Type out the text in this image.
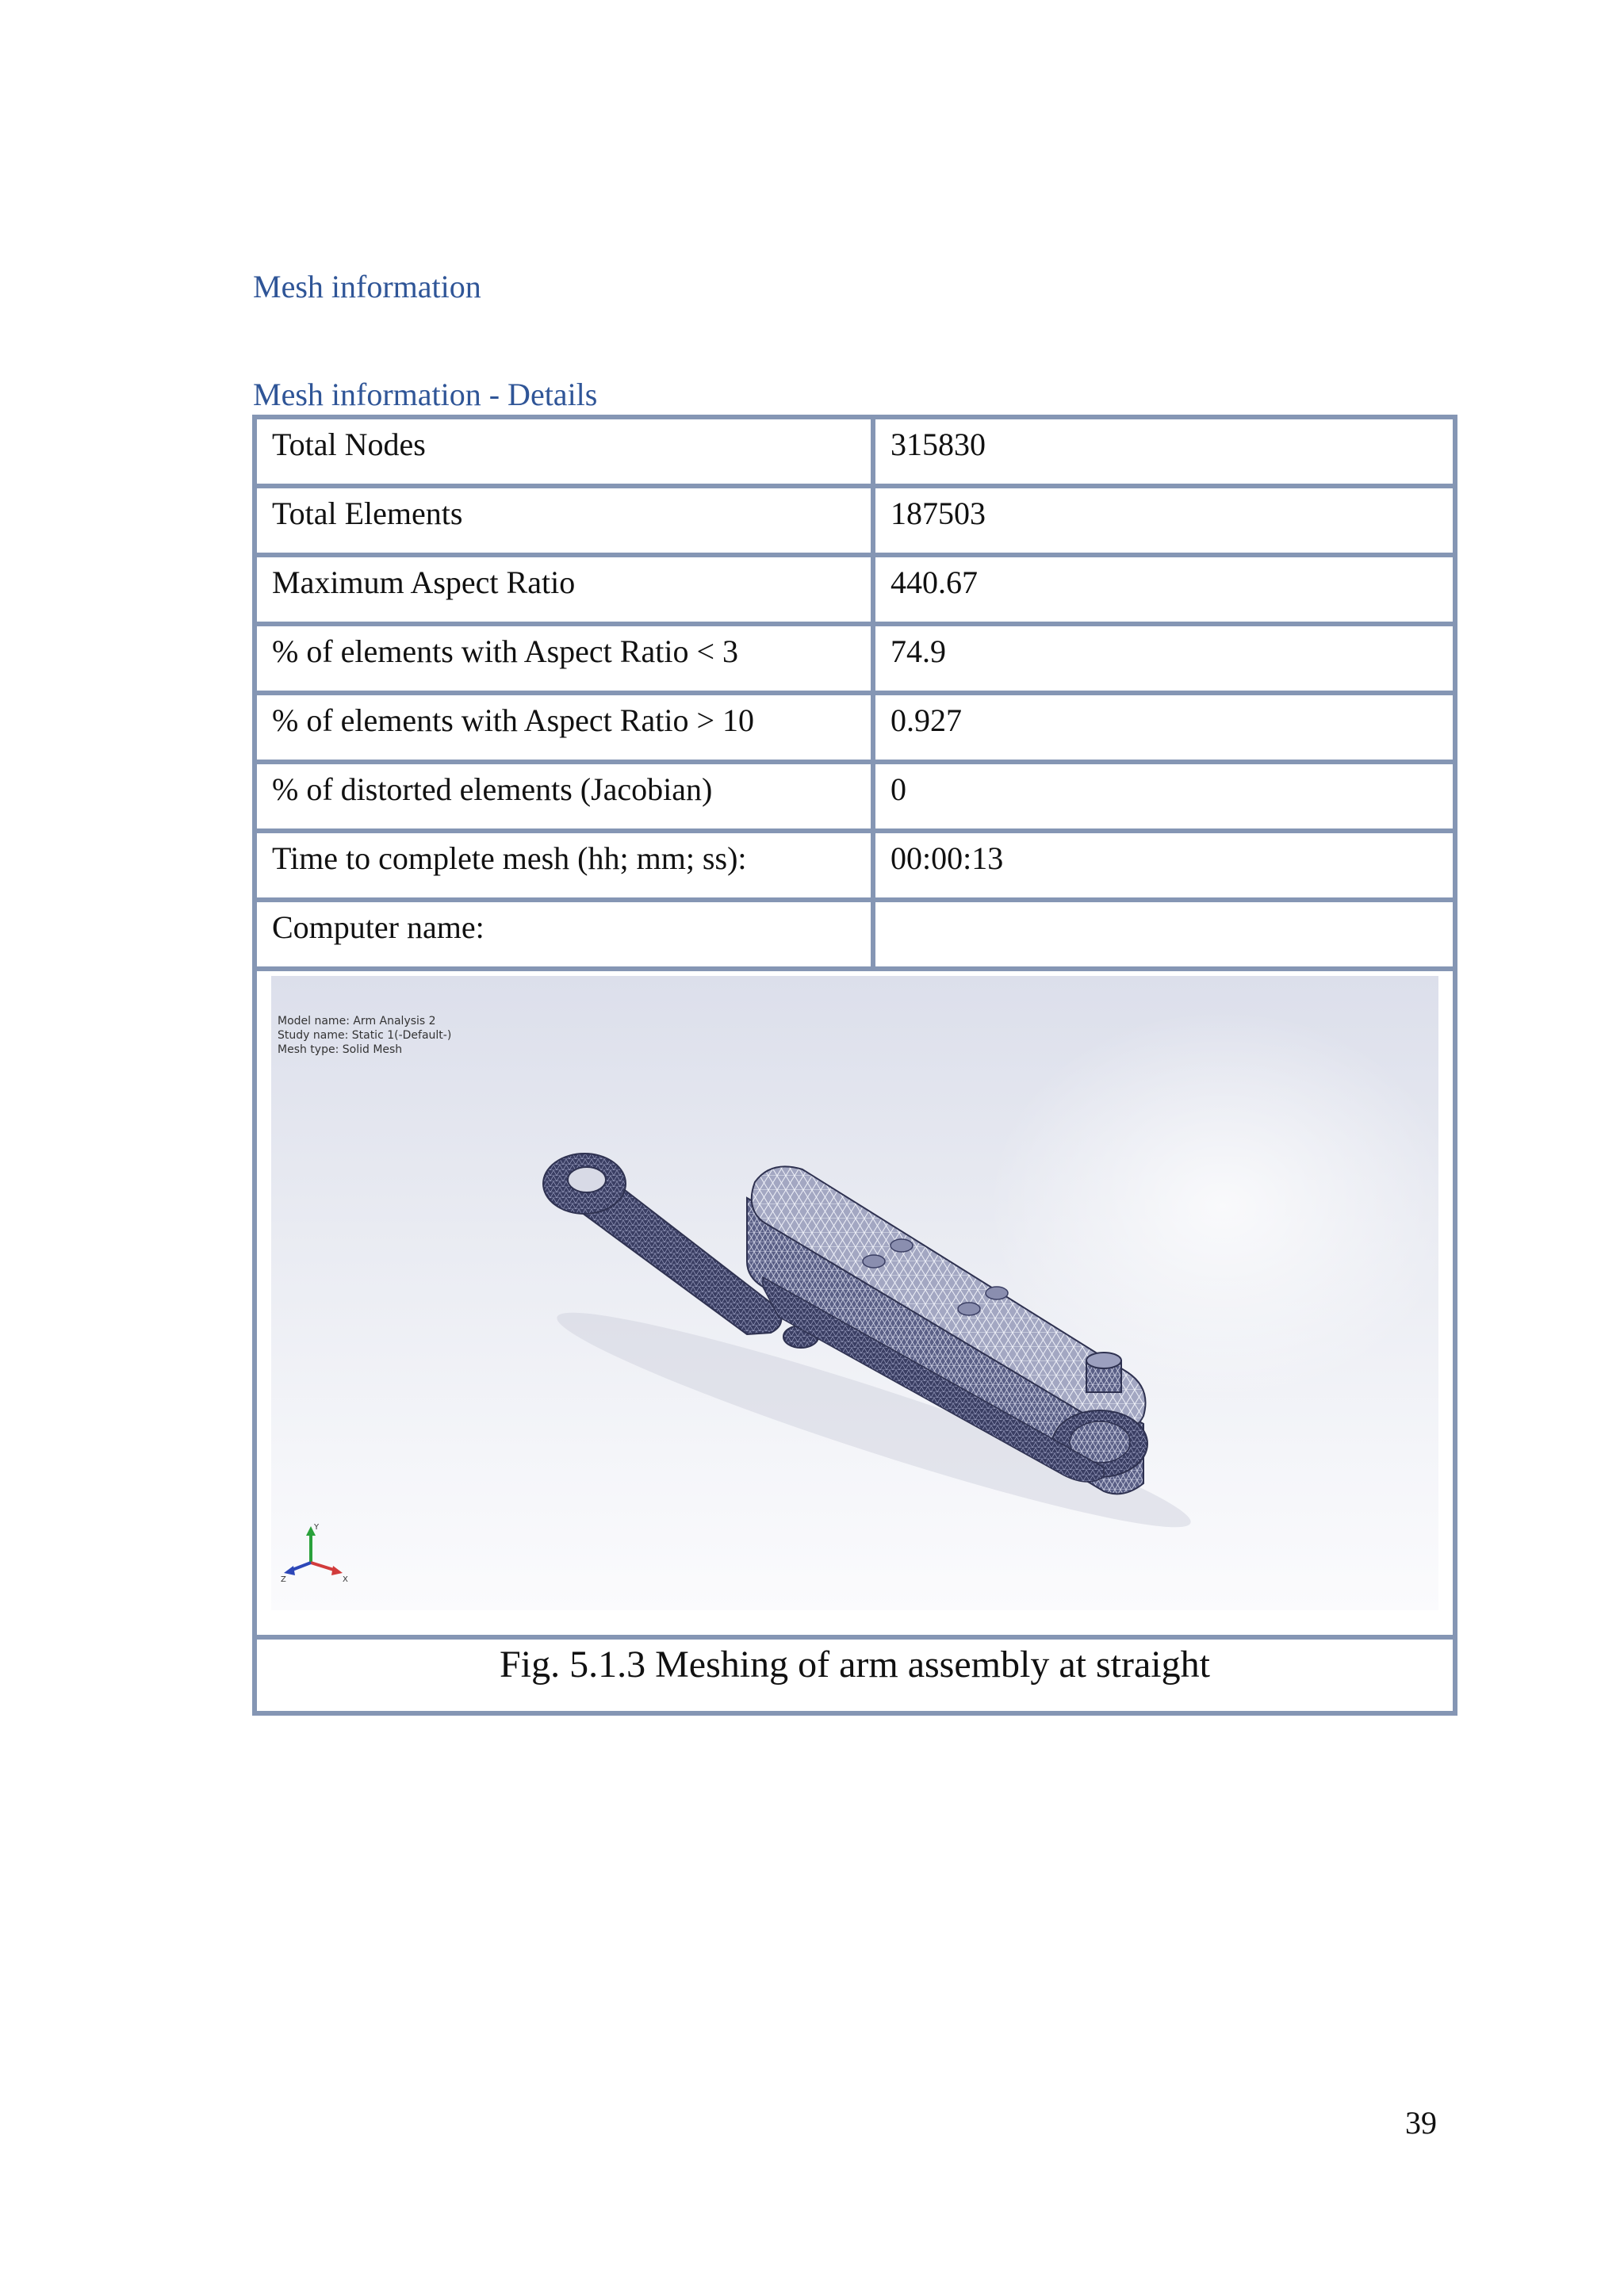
Mesh information
Mesh information - Details
Total Nodes	315830
Total Elements	187503
Maximum Aspect Ratio	440.67
% of elements with Aspect Ratio < 3	74.9
% of elements with Aspect Ratio > 10	0.927
% of distorted elements (Jacobian)	0
Time to complete mesh (hh; mm; ss):	00:00:13
Computer name:
Model name: Arm Analysis 2
Study name: Static 1(-Default-)
Mesh type: Solid Mesh
Y
X
Z
Fig. 5.1.3 Meshing of arm assembly at straight
39
